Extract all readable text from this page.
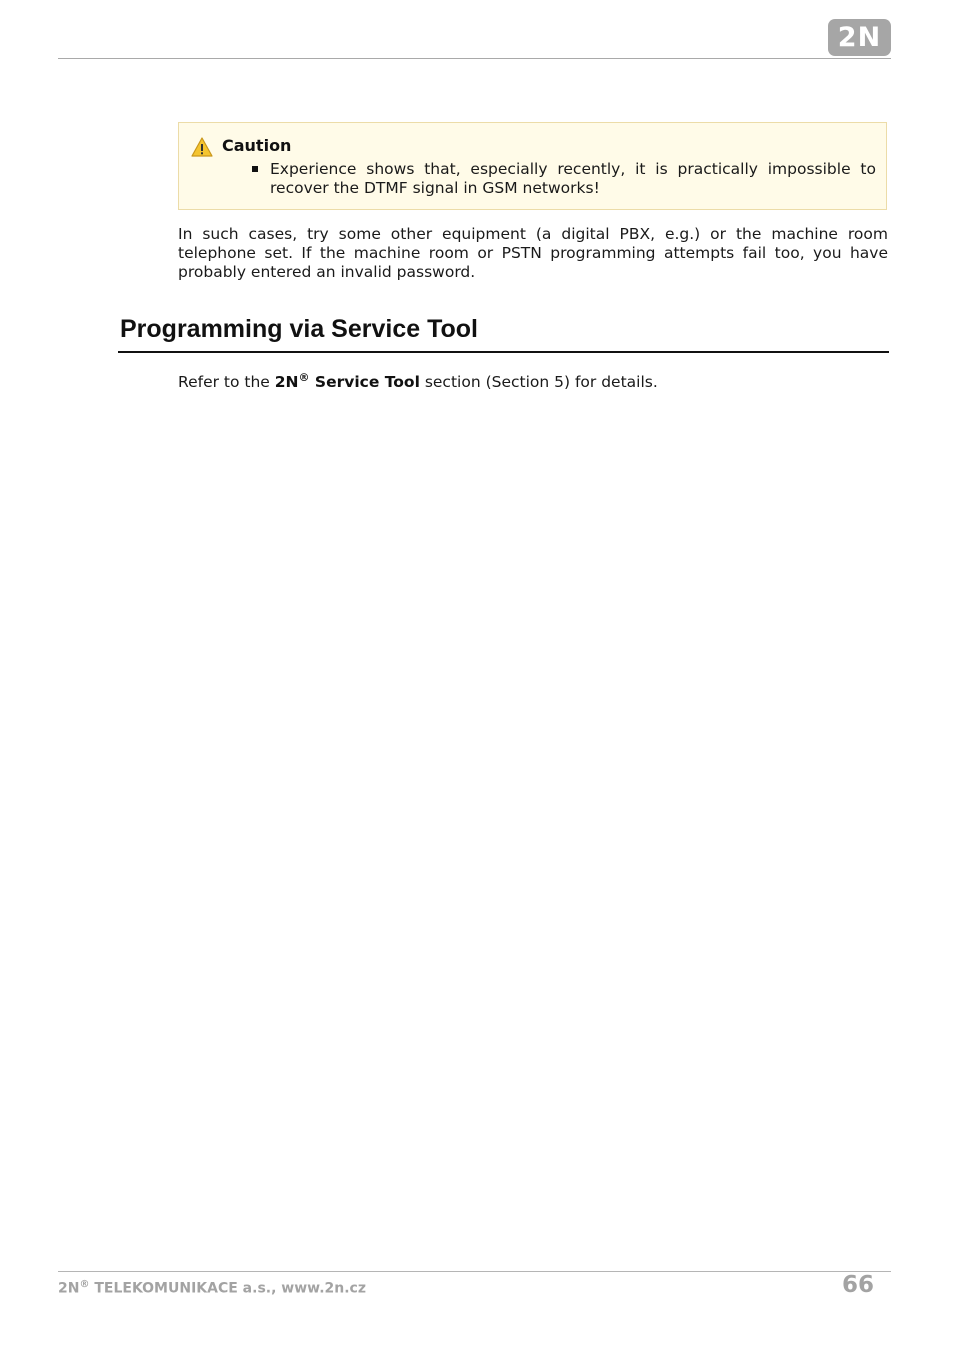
2N
Caution
Experience shows that, especially recently, it is practically impossible to recover the DTMF signal in GSM networks!
In such cases, try some other equipment (a digital PBX, e.g.) or the machine room telephone set. If the machine room or PSTN programming attempts fail too, you have probably entered an invalid password.
Programming via Service Tool
Refer to the 2N® Service Tool section (Section 5) for details.
2N® TELEKOMUNIKACE a.s., www.2n.cz	66
